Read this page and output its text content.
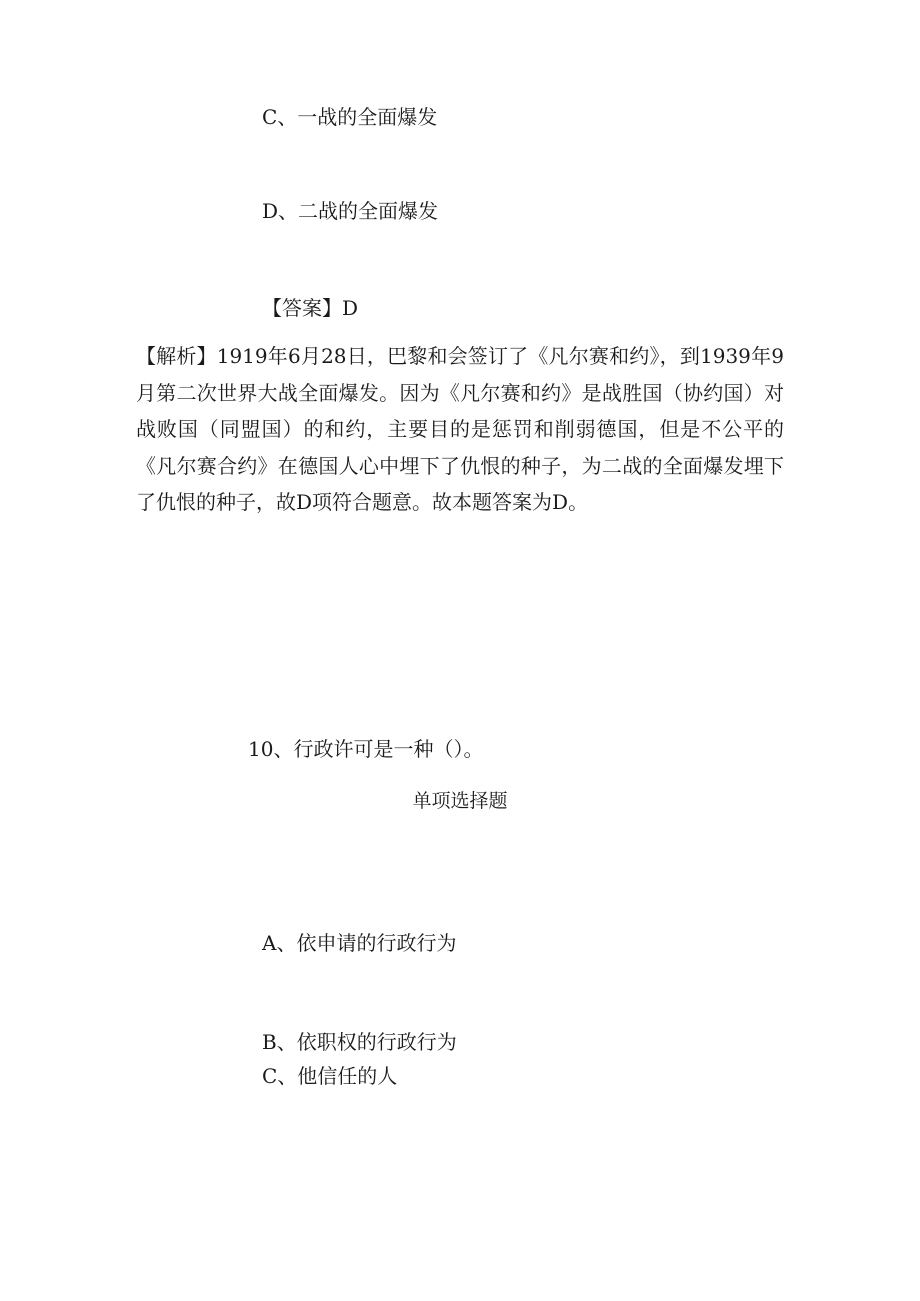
C、一战的全面爆发
D、二战的全面爆发
【答案】D
【解析】1919年6月28日，巴黎和会签订了《凡尔赛和约》，到1939年9月第二次世界大战全面爆发。因为《凡尔赛和约》是战胜国（协约国）对战败国（同盟国）的和约，主要目的是惩罚和削弱德国，但是不公平的《凡尔赛合约》在德国人心中埋下了仇恨的种子，为二战的全面爆发埋下了仇恨的种子，故D项符合题意。故本题答案为D。
10、行政许可是一种（）。
单项选择题
A、依申请的行政行为
B、依职权的行政行为
C、他信任的人
